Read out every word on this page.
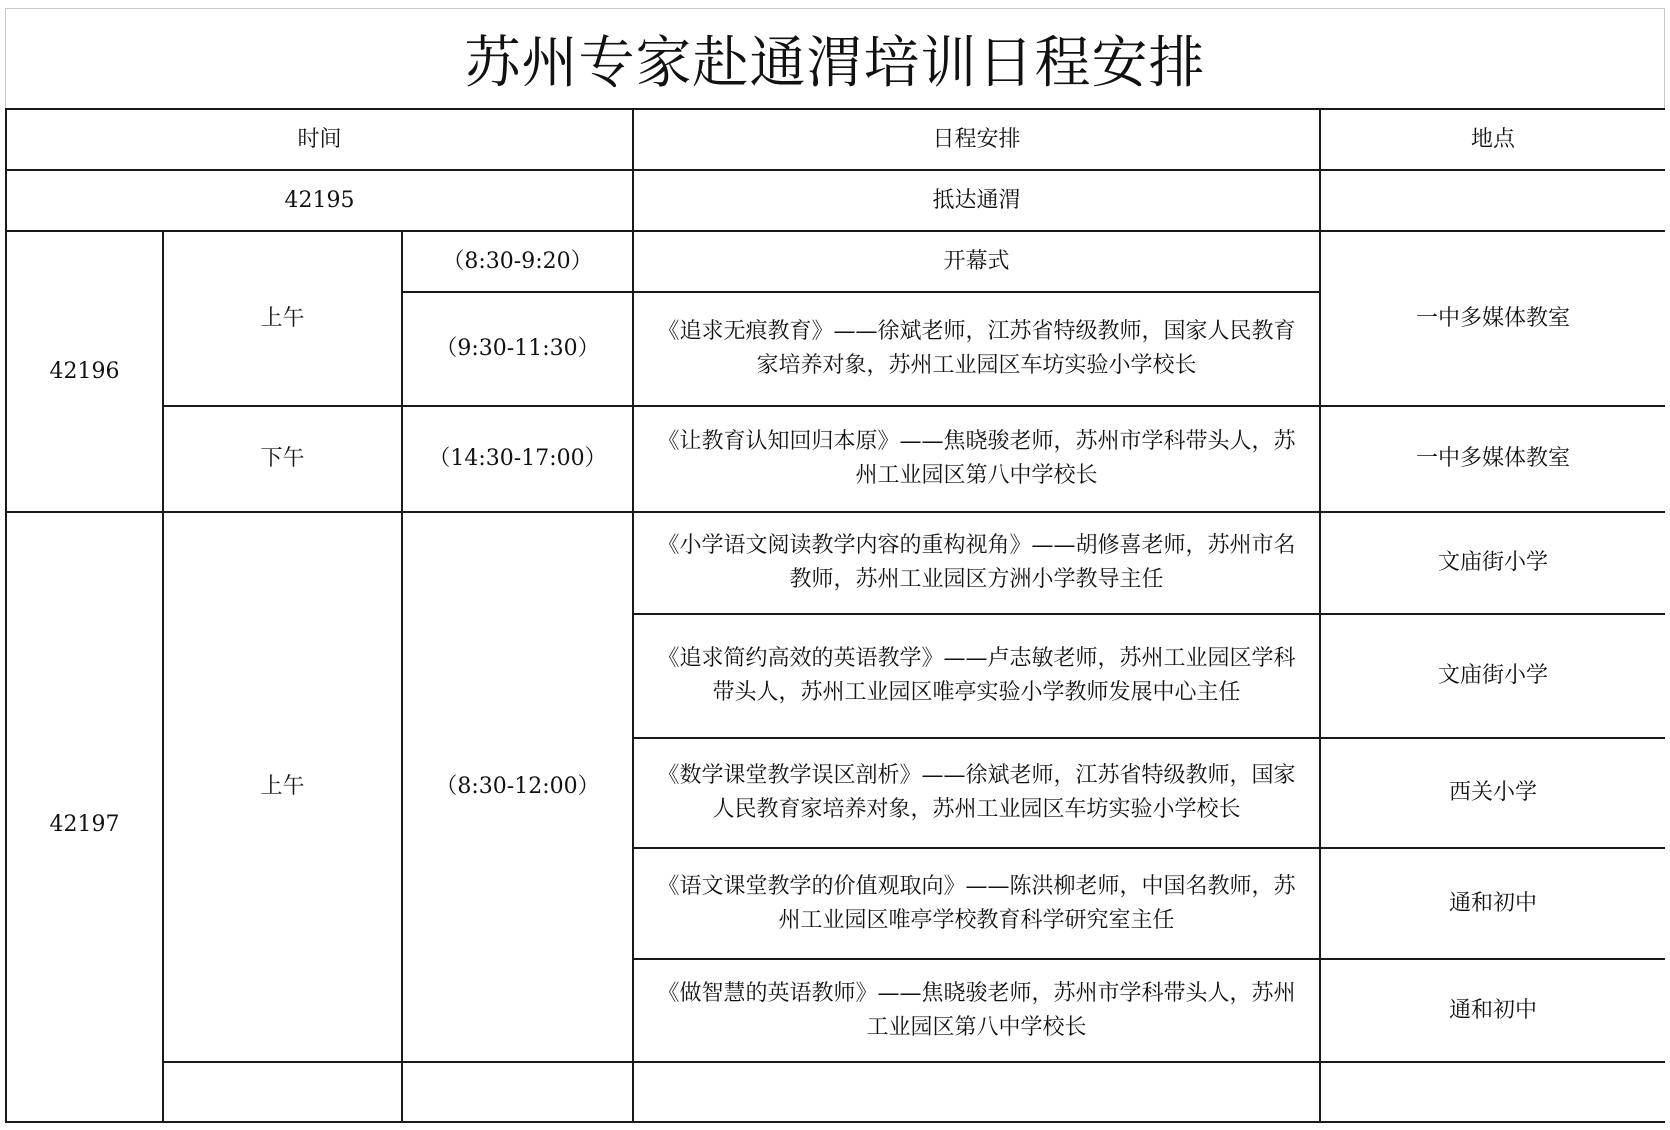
苏州专家赴通渭培训日程安排
时间			日程安排	地点
42195			抵达通渭	
42196	上午	（8:30-9:20）	开幕式	一中多媒体教室
		（9:30-11:30）	《追求无痕教育》——徐斌老师，江苏省特级教师，国家人民教育家培养对象，苏州工业园区车坊实验小学校长	
	下午	（14:30-17:00）	《让教育认知回归本原》——焦晓骏老师，苏州市学科带头人，苏州工业园区第八中学校长	一中多媒体教室
42197	上午	（8:30-12:00）	《小学语文阅读教学内容的重构视角》——胡修喜老师，苏州市名教师，苏州工业园区方洲小学教导主任	文庙街小学
			《追求简约高效的英语教学》——卢志敏老师，苏州工业园区学科带头人，苏州工业园区唯亭实验小学教师发展中心主任	文庙街小学
			《数学课堂教学误区剖析》——徐斌老师，江苏省特级教师，国家人民教育家培养对象，苏州工业园区车坊实验小学校长	西关小学
			《语文课堂教学的价值观取向》——陈洪柳老师，中国名教师，苏州工业园区唯亭学校教育科学研究室主任	通和初中
			《做智慧的英语教师》——焦晓骏老师，苏州市学科带头人，苏州工业园区第八中学校长	通和初中
